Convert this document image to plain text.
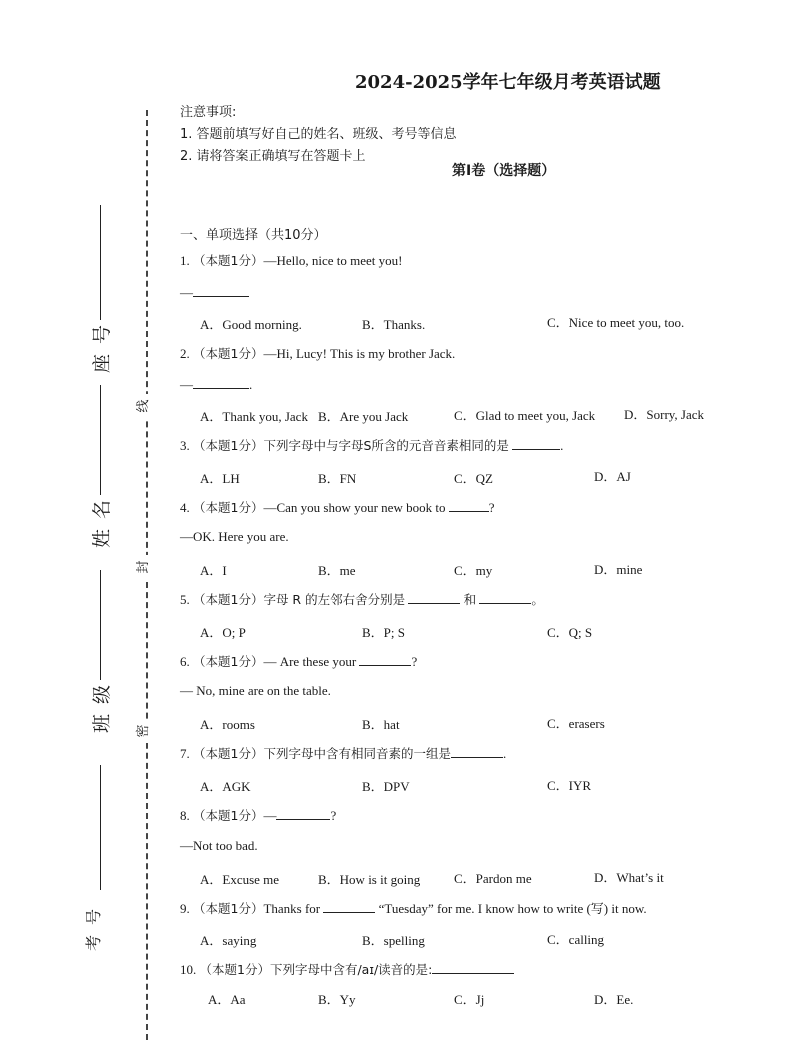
线
封
密
座号
姓名
班级
考号
2024-2025学年七年级月考英语试题
注意事项:
1. 答题前填写好自己的姓名、班级、考号等信息
2. 请将答案正确填写在答题卡上
第I卷（选择题）
一、单项选择（共10分）
1. （本题1分）—Hello, nice to meet you!
—
A．Good morning.	B．Thanks.	C．Nice to meet you, too.
2. （本题1分）—Hi, Lucy! This is my brother Jack.
—	.
A．Thank you, Jack B．Are you Jack	C．Glad to meet you, Jack D．Sorry, Jack
3. （本题1分）下列字母中与字母S所含的元音音素相同的是	.
A．LH	B．FN	C．QZ	D．AJ
4. （本题1分）—Can you show your new book to	?
—OK. Here you are.
A．I	B．me	C．my	D．mine
5. （本题1分）字母 R 的左邻右舍分别是	和	。
A．O; P	B．P; S	C．Q; S
6. （本题1分）— Are these your	?
— No, mine are on the table.
A．rooms	B．hat	C．erasers
7. （本题1分）下列字母中含有相同音素的一组是	.
A．AGK	B．DPV	C．IYR
8. （本题1分）—	?
—Not too bad.
A．Excuse me	B．How is it going	C．Pardon me	D．What’s it
9. （本题1分）Thanks for	“Tuesday” for me. I know how to write (写) it now.
A．saying	B．spelling	C．calling
10. （本题1分）下列字母中含有/aɪ/读音的是:
A．Aa	B．Yy	C．Jj	D．Ee.
